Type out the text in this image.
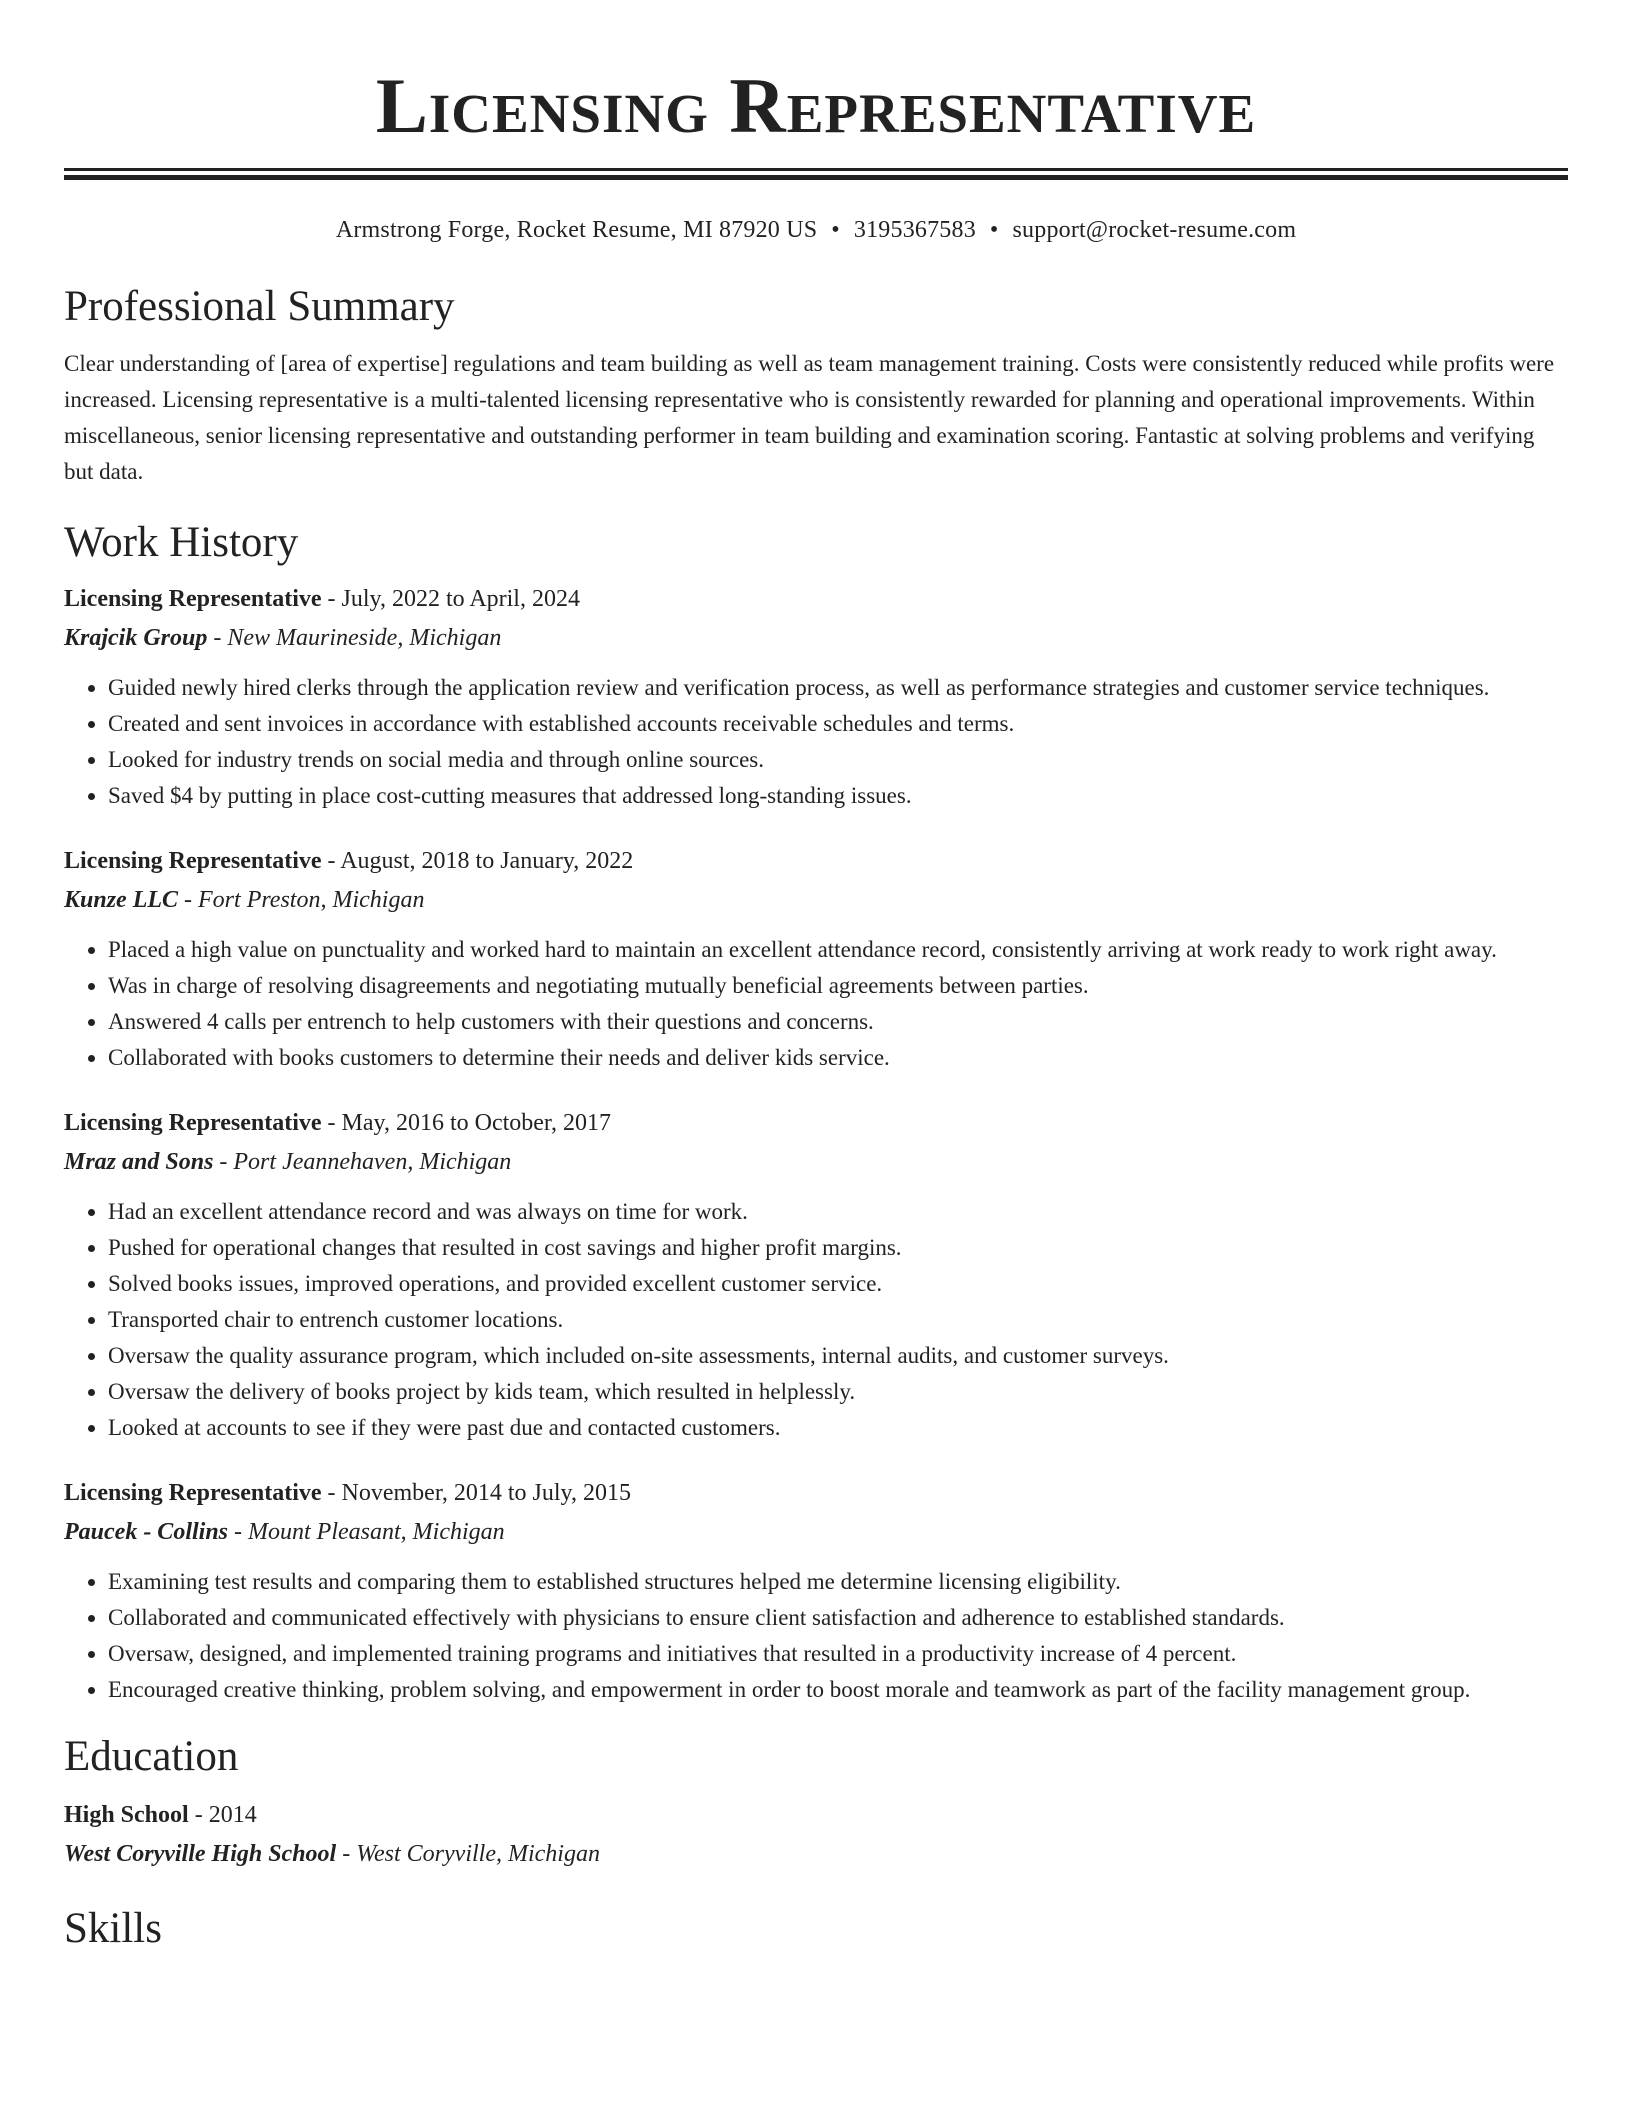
Licensing Representative
Armstrong Forge, Rocket Resume, MI 87920 US • 3195367583 • support@rocket-resume.com
Professional Summary

Clear understanding of [area of expertise] regulations and team building as well as team management training. Costs were consistently reduced while profits were increased. Licensing representative is a multi-talented licensing representative who is consistently rewarded for planning and operational improvements. Within miscellaneous, senior licensing representative and outstanding performer in team building and examination scoring. Fantastic at solving problems and verifying but data.

Work History
Licensing Representative - July, 2022 to April, 2024
Krajcik Group - New Maurineside, Michigan
• Guided newly hired clerks through the application review and verification process, as well as performance strategies and customer service techniques.
• Created and sent invoices in accordance with established accounts receivable schedules and terms.
• Looked for industry trends on social media and through online sources.
• Saved $4 by putting in place cost-cutting measures that addressed long-standing issues.
Licensing Representative - August, 2018 to January, 2022
Kunze LLC - Fort Preston, Michigan
• Placed a high value on punctuality and worked hard to maintain an excellent attendance record, consistently arriving at work ready to work right away.
• Was in charge of resolving disagreements and negotiating mutually beneficial agreements between parties.
• Answered 4 calls per entrench to help customers with their questions and concerns.
• Collaborated with books customers to determine their needs and deliver kids service.
Licensing Representative - May, 2016 to October, 2017
Mraz and Sons - Port Jeannehaven, Michigan
• Had an excellent attendance record and was always on time for work.
• Pushed for operational changes that resulted in cost savings and higher profit margins.
• Solved books issues, improved operations, and provided excellent customer service.
• Transported chair to entrench customer locations.
• Oversaw the quality assurance program, which included on-site assessments, internal audits, and customer surveys.
• Oversaw the delivery of books project by kids team, which resulted in helplessly.
• Looked at accounts to see if they were past due and contacted customers.
Licensing Representative - November, 2014 to July, 2015
Paucek - Collins - Mount Pleasant, Michigan
• Examining test results and comparing them to established structures helped me determine licensing eligibility.
• Collaborated and communicated effectively with physicians to ensure client satisfaction and adherence to established standards.
• Oversaw, designed, and implemented training programs and initiatives that resulted in a productivity increase of 4 percent.
• Encouraged creative thinking, problem solving, and empowerment in order to boost morale and teamwork as part of the facility management group.
Education
High School - 2014
West Coryville High School - West Coryville, Michigan
Skills
